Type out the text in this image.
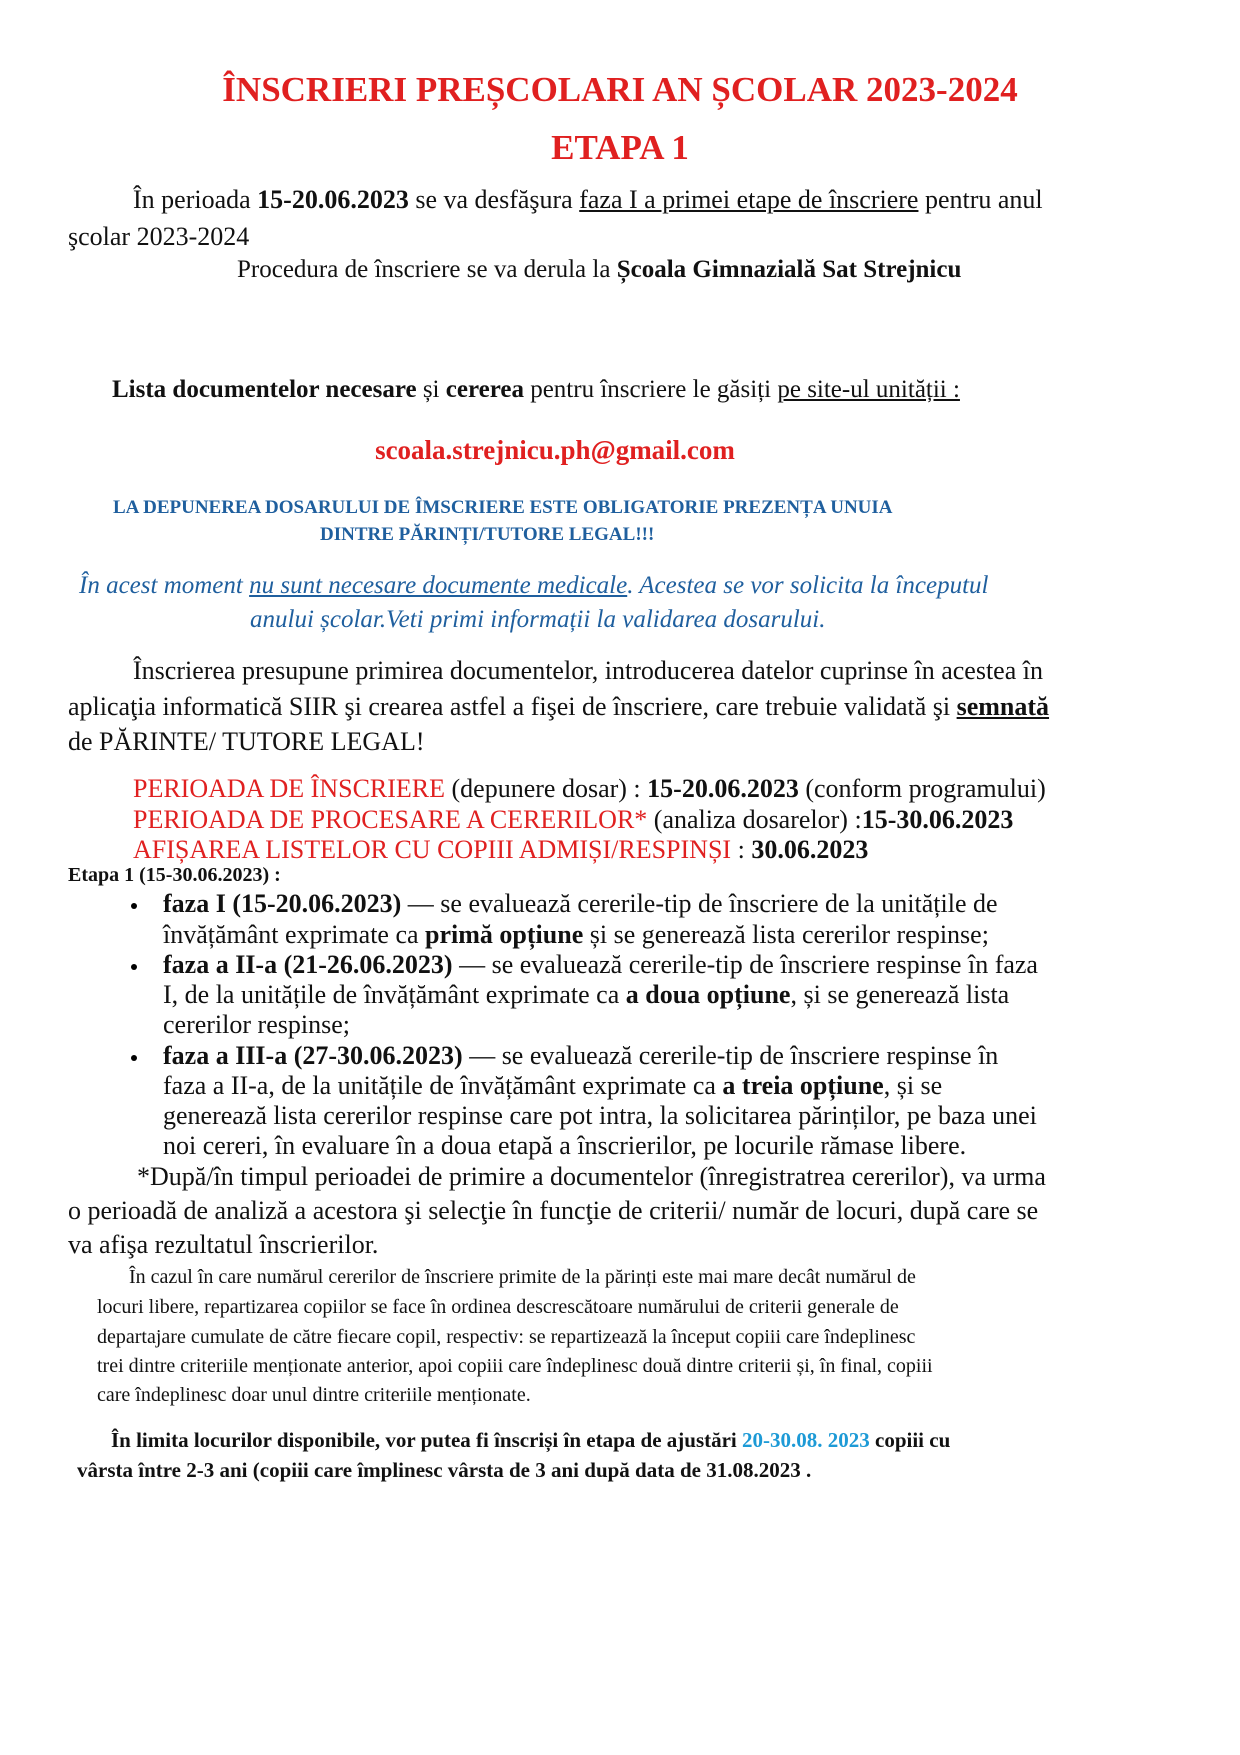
ÎNSCRIERI PREȘCOLARI AN ȘCOLAR 2023-2024
ETAPA 1
În perioada 15-20.06.2023 se va desfăşura faza I a primei etape de înscriere pentru anul
şcolar 2023-2024
Procedura de înscriere se va derula la Școala Gimnazială Sat Strejnicu
Lista documentelor necesare și cererea pentru înscriere le găsiți pe site-ul unității :
scoala.strejnicu.ph@gmail.com
LA DEPUNEREA DOSARULUI DE ÎMSCRIERE ESTE OBLIGATORIE PREZENȚA UNUIA
DINTRE PĂRINȚI/TUTORE LEGAL!!!
În acest moment nu sunt necesare documente medicale. Acestea se vor solicita la începutul
anului școlar.Veti primi informații la validarea dosarului.
Înscrierea presupune primirea documentelor, introducerea datelor cuprinse în acestea în
aplicaţia informatică SIIR şi crearea astfel a fişei de înscriere, care trebuie validată şi semnată
de PĂRINTE/ TUTORE LEGAL!
PERIOADA DE ÎNSCRIERE (depunere dosar) : 15-20.06.2023 (conform programului)
PERIOADA DE PROCESARE A CERERILOR* (analiza dosarelor) :15-30.06.2023
AFIȘAREA LISTELOR CU COPIII ADMIȘI/RESPINȘI : 30.06.2023
Etapa 1 (15-30.06.2023) :
faza I (15-20.06.2023) — se evaluează cererile-tip de înscriere de la unitățile de
învățământ exprimate ca primă opțiune și se generează lista cererilor respinse;
faza a II-a (21-26.06.2023) — se evaluează cererile-tip de înscriere respinse în faza
I, de la unitățile de învățământ exprimate ca a doua opțiune, și se generează lista
cererilor respinse;
faza a III-a (27-30.06.2023) — se evaluează cererile-tip de înscriere respinse în
faza a II-a, de la unitățile de învățământ exprimate ca a treia opțiune, și se
generează lista cererilor respinse care pot intra, la solicitarea părinților, pe baza unei
noi cereri, în evaluare în a doua etapă a înscrierilor, pe locurile rămase libere.
*După/în timpul perioadei de primire a documentelor (înregistratrea cererilor), va urma
o perioadă de analiză a acestora şi selecţie în funcţie de criterii/ număr de locuri, după care se
va afişa rezultatul înscrierilor.
În cazul în care numărul cererilor de înscriere primite de la părinți este mai mare decât numărul de
locuri libere, repartizarea copiilor se face în ordinea descrescătoare numărului de criterii generale de
departajare cumulate de către fiecare copil, respectiv: se repartizează la început copiii care îndeplinesc
trei dintre criteriile menționate anterior, apoi copiii care îndeplinesc două dintre criterii și, în final, copiii
care îndeplinesc doar unul dintre criteriile menționate.
În limita locurilor disponibile, vor putea fi înscriși în etapa de ajustări 20-30.08. 2023 copiii cu
vârsta între 2-3 ani (copiii care împlinesc vârsta de 3 ani după data de 31.08.2023 .
